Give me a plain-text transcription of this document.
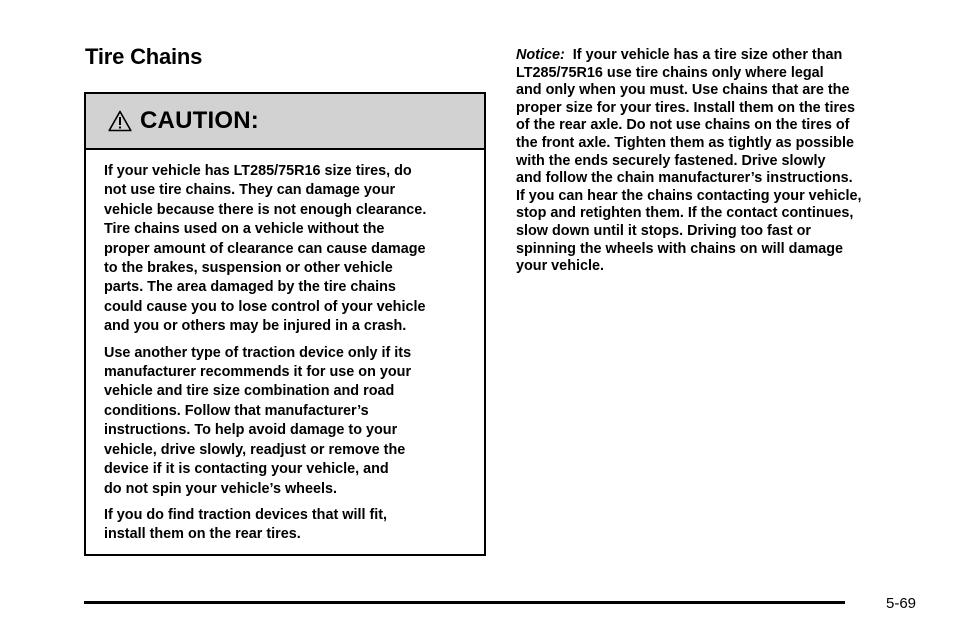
Tire Chains
CAUTION:

If your vehicle has LT285/75R16 size tires, do
not use tire chains. They can damage your
vehicle because there is not enough clearance.
Tire chains used on a vehicle without the
proper amount of clearance can cause damage
to the brakes, suspension or other vehicle
parts. The area damaged by the tire chains
could cause you to lose control of your vehicle
and you or others may be injured in a crash.

Use another type of traction device only if its
manufacturer recommends it for use on your
vehicle and tire size combination and road
conditions. Follow that manufacturer’s
instructions. To help avoid damage to your
vehicle, drive slowly, readjust or remove the
device if it is contacting your vehicle, and
do not spin your vehicle’s wheels.

If you do find traction devices that will fit,
install them on the rear tires.

Notice: If your vehicle has a tire size other than
LT285/75R16 use tire chains only where legal
and only when you must. Use chains that are the
proper size for your tires. Install them on the tires
of the rear axle. Do not use chains on the tires of
the front axle. Tighten them as tightly as possible
with the ends securely fastened. Drive slowly
and follow the chain manufacturer’s instructions.
If you can hear the chains contacting your vehicle,
stop and retighten them. If the contact continues,
slow down until it stops. Driving too fast or
spinning the wheels with chains on will damage
your vehicle.

5-69
